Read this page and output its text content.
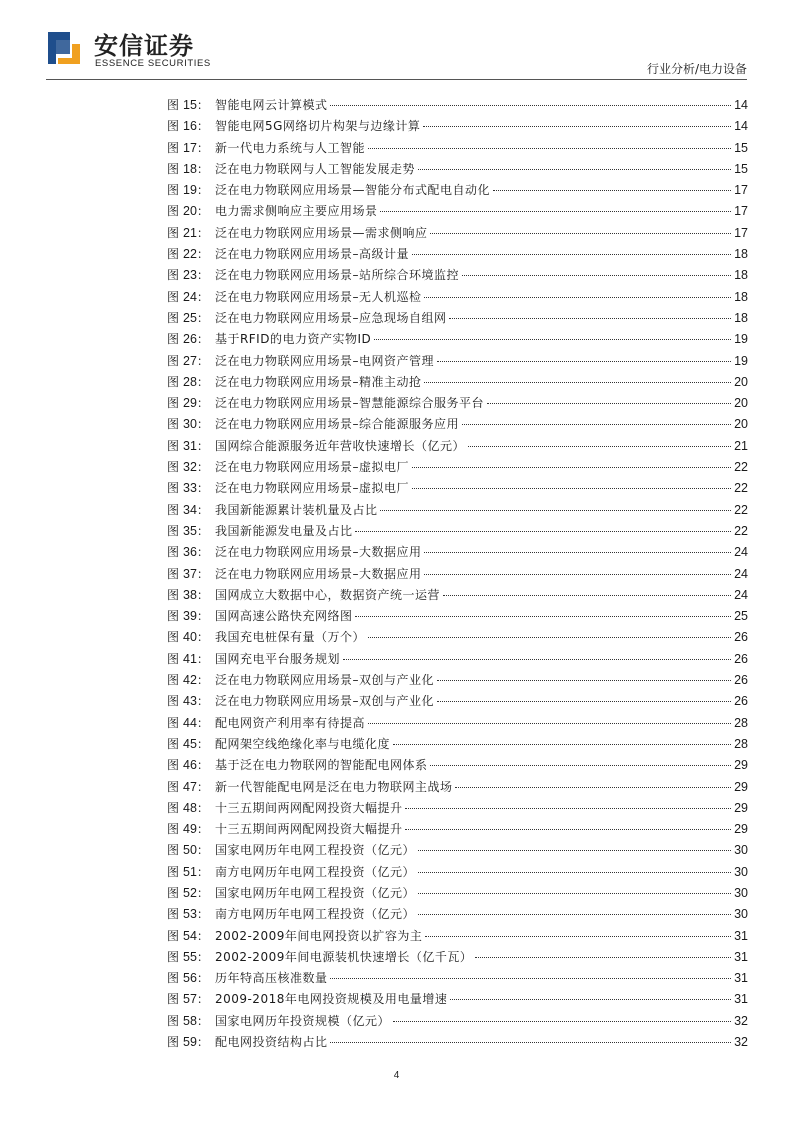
安信证券
ESSENCE SECURITIES	行业分析/电力设备
图 15 ： 智能电网云计算模式	14
图 16 ： 智能电网5G网络切片构架与边缘计算	14
图 17 ： 新一代电力系统与人工智能	15
图 18 ： 泛在电力物联网与人工智能发展走势	15
图 19 ： 泛在电力物联网应用场景—智能分布式配电自动化	17
图 20 ： 电力需求侧响应主要应用场景	17
图 21 ： 泛在电力物联网应用场景—需求侧响应	17
图 22 ： 泛在电力物联网应用场景–高级计量	18
图 23 ： 泛在电力物联网应用场景–站所综合环境监控	18
图 24 ： 泛在电力物联网应用场景–无人机巡检	18
图 25 ： 泛在电力物联网应用场景–应急现场自组网	18
图 26 ： 基于RFID的电力资产实物ID	19
图 27 ： 泛在电力物联网应用场景–电网资产管理	19
图 28 ： 泛在电力物联网应用场景–精准主动抢	20
图 29 ： 泛在电力物联网应用场景–智慧能源综合服务平台	20
图 30 ： 泛在电力物联网应用场景–综合能源服务应用	20
图 31 ： 国网综合能源服务近年营收快速增长（亿元）	21
图 32 ： 泛在电力物联网应用场景–虚拟电厂	22
图 33 ： 泛在电力物联网应用场景–虚拟电厂	22
图 34 ： 我国新能源累计装机量及占比	22
图 35 ： 我国新能源发电量及占比	22
图 36 ： 泛在电力物联网应用场景–大数据应用	24
图 37 ： 泛在电力物联网应用场景–大数据应用	24
图 38 ： 国网成立大数据中心，数据资产统一运营	24
图 39 ： 国网高速公路快充网络图	25
图 40 ： 我国充电桩保有量（万个）	26
图 41 ： 国网充电平台服务规划	26
图 42 ： 泛在电力物联网应用场景–双创与产业化	26
图 43 ： 泛在电力物联网应用场景–双创与产业化	26
图 44 ： 配电网资产利用率有待提高	28
图 45 ： 配网架空线绝缘化率与电缆化度	28
图 46 ： 基于泛在电力物联网的智能配电网体系	29
图 47 ： 新一代智能配电网是泛在电力物联网主战场	29
图 48 ： 十三五期间两网配网投资大幅提升	29
图 49 ： 十三五期间两网配网投资大幅提升	29
图 50 ： 国家电网历年电网工程投资（亿元）	30
图 51 ： 南方电网历年电网工程投资（亿元）	30
图 52 ： 国家电网历年电网工程投资（亿元）	30
图 53 ： 南方电网历年电网工程投资（亿元）	30
图 54 ： 2002-2009年间电网投资以扩容为主	31
图 55 ： 2002-2009年间电源装机快速增长（亿千瓦）	31
图 56 ： 历年特高压核准数量	31
图 57 ： 2009-2018年电网投资规模及用电量增速	31
图 58 ： 国家电网历年投资规模（亿元）	32
图 59 ： 配电网投资结构占比	32
4
